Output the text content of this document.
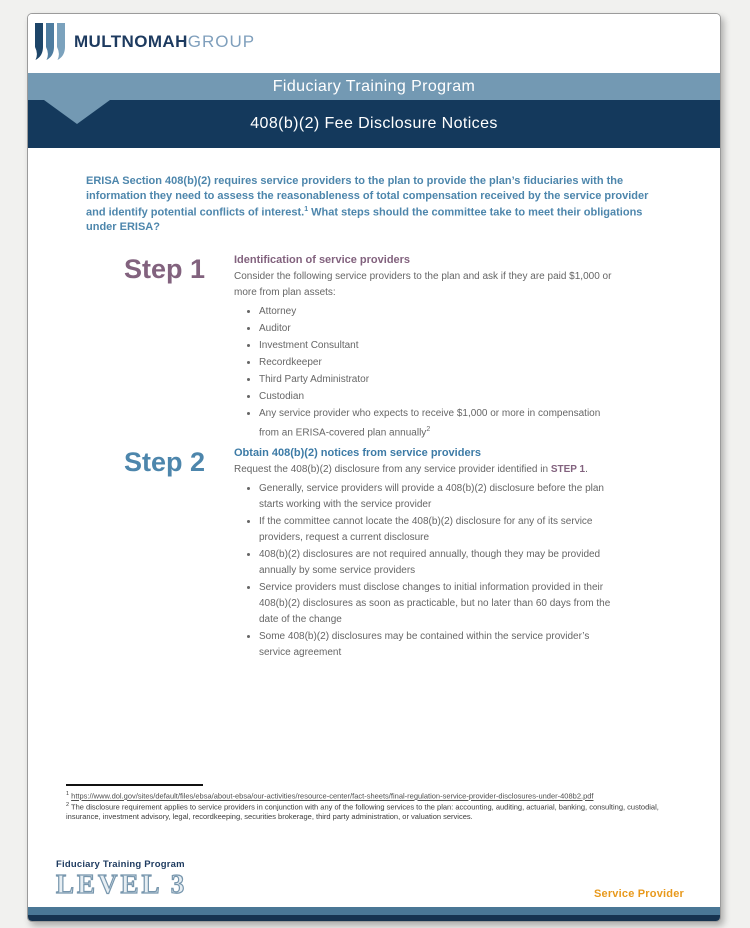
MULTNOMAHGROUP
Fiduciary Training Program
408(b)(2) Fee Disclosure Notices

ERISA Section 408(b)(2) requires service providers to the plan to provide the plan’s fiduciaries with the information they need to assess the reasonableness of total compensation received by the service provider and identify potential conflicts of interest.$^1$ What steps should the committee take to meet their obligations under ERISA?

Step 1	Identification of service providers

Consider the following service providers to the plan and ask if they are paid $1,000 or more from plan assets:

• Attorney
• Auditor
• Investment Consultant
• Recordkeeper
• Third Party Administrator
• Custodian
• Any service provider who expects to receive $1,000 or more in compensation from an ERISA-covered plan annually$^2$
Step 2	Obtain 408(b)(2) notices from service providers

Request the 408(b)(2) disclosure from any service provider identified in STEP 1.

• Generally, service providers will provide a 408(b)(2) disclosure before the plan starts working with the service provider
• If the committee cannot locate the 408(b)(2) disclosure for any of its service providers, request a current disclosure
• 408(b)(2) disclosures are not required annually, though they may be provided annually by some service providers
• Service providers must disclose changes to initial information provided in their 408(b)(2) disclosures as soon as practicable, but no later than 60 days from the date of the change
• Some 408(b)(2) disclosures may be contained within the service provider’s service agreement

$^1$ https://www.dol.gov/sites/default/files/ebsa/about-ebsa/our-activities/resource-center/fact-sheets/final-regulation-service-provider-disclosures-under-408b2.pdf

$^2$ The disclosure requirement applies to service providers in conjunction with any of the following services to the plan: accounting, auditing, actuarial, banking, consulting, custodial, insurance, investment advisory, legal, recordkeeping, securities brokerage, third party administration, or valuation services.

Fiduciary Training Program
LEVEL 3	Service Provider
